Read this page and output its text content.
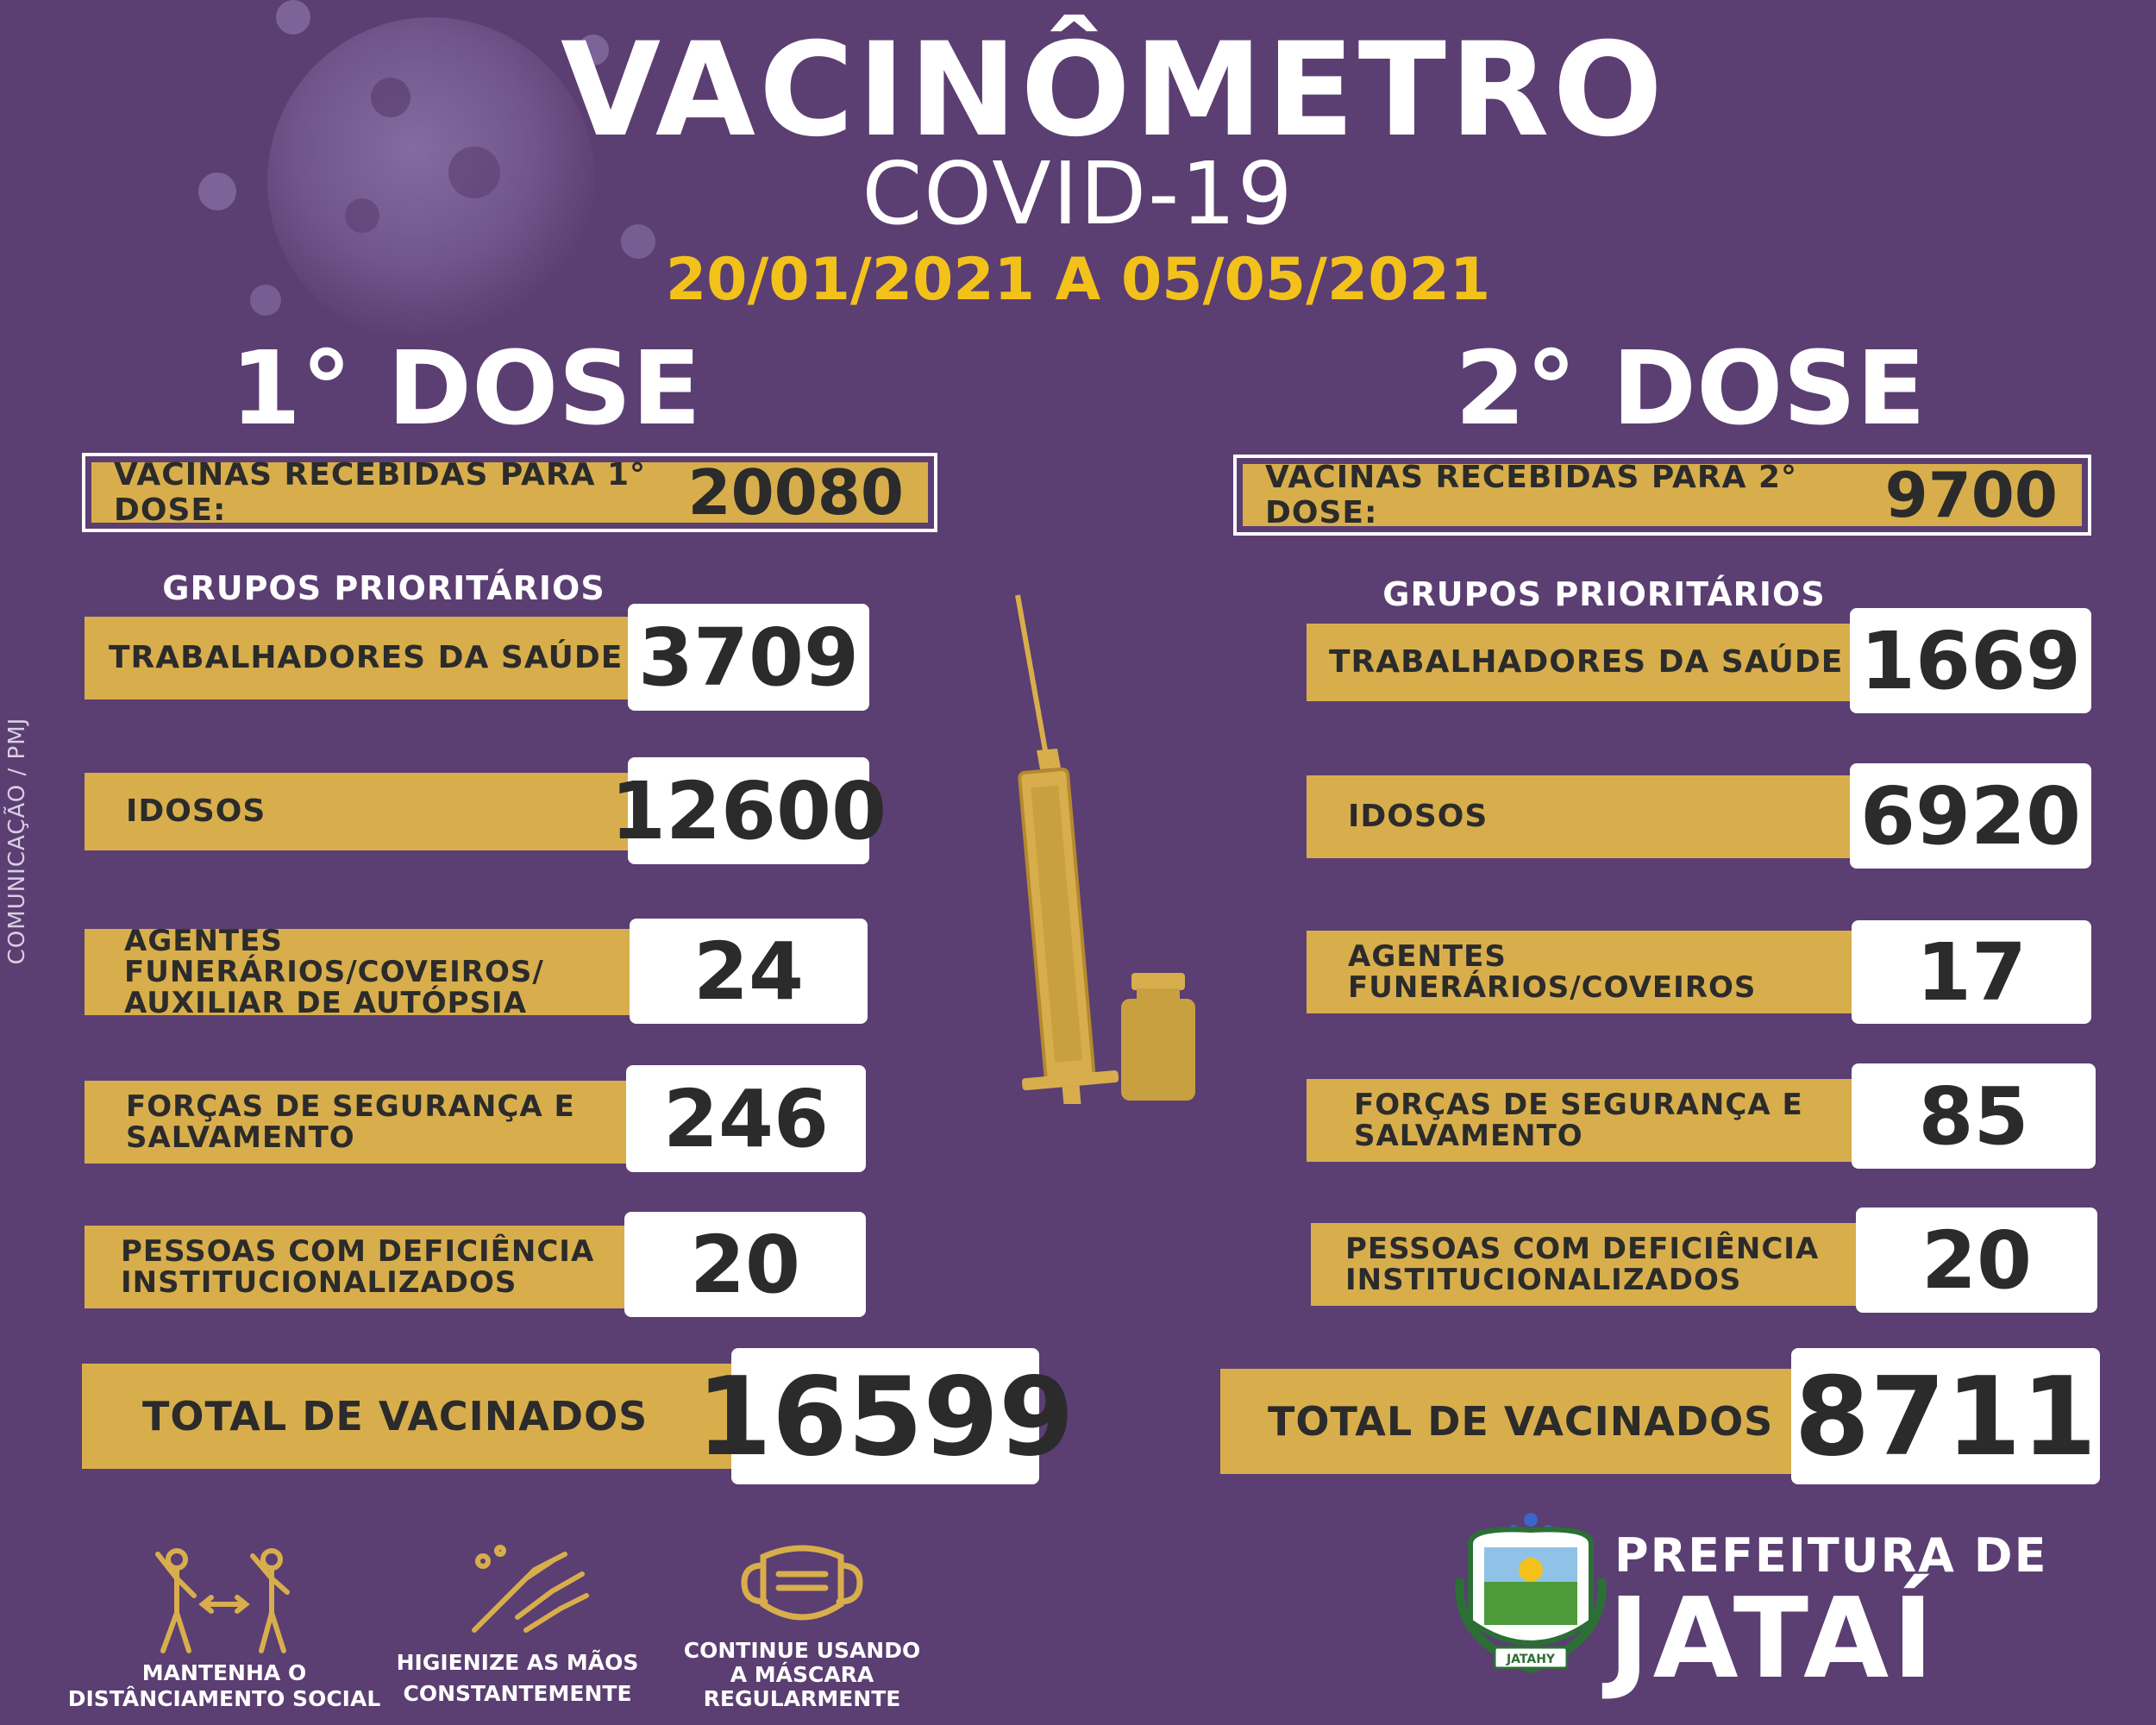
VACINÔMETRO
COVID-19
20/01/2021 A 05/05/2021
COMUNICAÇÃO / PMJ
1° DOSE
VACINAS RECEBIDAS PARA 1° DOSE:	20080
GRUPOS PRIORITÁRIOS
TRABALHADORES DA SAÚDE 3709
IDOSOS	12600
AGENTES FUNERÁRIOS/COVEIROS/
AUXILIAR DE AUTÓPSIA	24
FORÇAS DE SEGURANÇA E
SALVAMENTO	246
PESSOAS COM DEFICIÊNCIA
INSTITUCIONALIZADOS	20
TOTAL DE VACINADOS 16599
2° DOSE
VACINAS RECEBIDAS PARA 2° DOSE:	9700
GRUPOS PRIORITÁRIOS
TRABALHADORES DA SAÚDE 1669
IDOSOS	6920
AGENTES FUNERÁRIOS/COVEIROS	17
FORÇAS DE SEGURANÇA E
SALVAMENTO	85
PESSOAS COM DEFICIÊNCIA
INSTITUCIONALIZADOS	20
TOTAL DE VACINADOS 8711
MANTENHA O
DISTÂNCIAMENTO SOCIAL
HIGIENIZE AS MÃOS
CONSTANTEMENTE
CONTINUE USANDO
A MÁSCARA
REGULARMENTE
JATAHY
PREFEITURA DE
JATAÍ
